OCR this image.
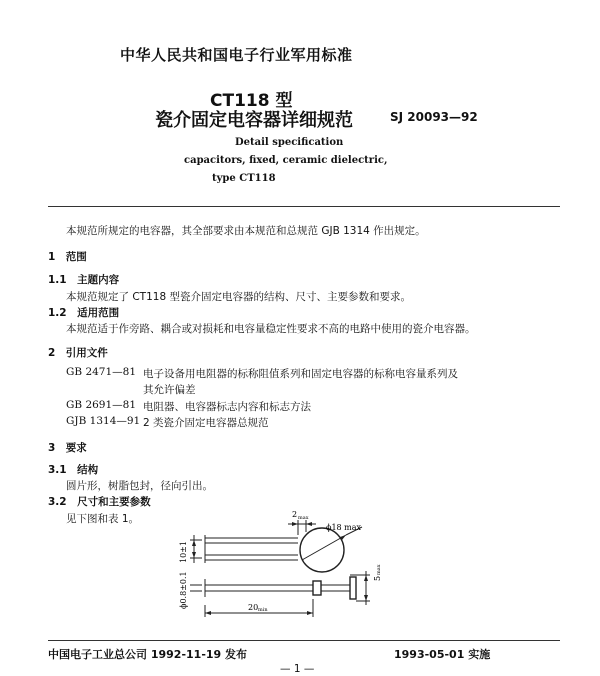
中华人民共和国电子行业军用标准
CT118 型
瓷介固定电容器详细规范	SJ 20093—92
Detail specification
capacitors, fixed, ceramic dielectric,
type CT118
本规范所规定的电容器，其全部要求由本规范和总规范 GJB 1314 作出规定。
1　范围
1.1　主题内容
本规范规定了 CT118 型瓷介固定电容器的结构、尺寸、主要参数和要求。
1.2　适用范围
本规范适于作旁路、耦合或对损耗和电容量稳定性要求不高的电路中使用的瓷介电容器。
2　引用文件
GB 2471—81 电子设备用电阻器的标称阻值系列和固定电容器的标称电容量系列及
其允许偏差
GB 2691—81 电阻器、电容器标志内容和标志方法
GJB 1314—91 2 类瓷介固定电容器总规范
3　要求
3.1　结构
圆片形，树脂包封，径向引出。
3.2　尺寸和主要参数
见下图和表 1。
ϕ18 max
2 max
10±1
ϕ0.8±0.1	5
max
20 min
中国电子工业总公司 1992-11-19 发布	1993-05-01 实施
— 1 —
